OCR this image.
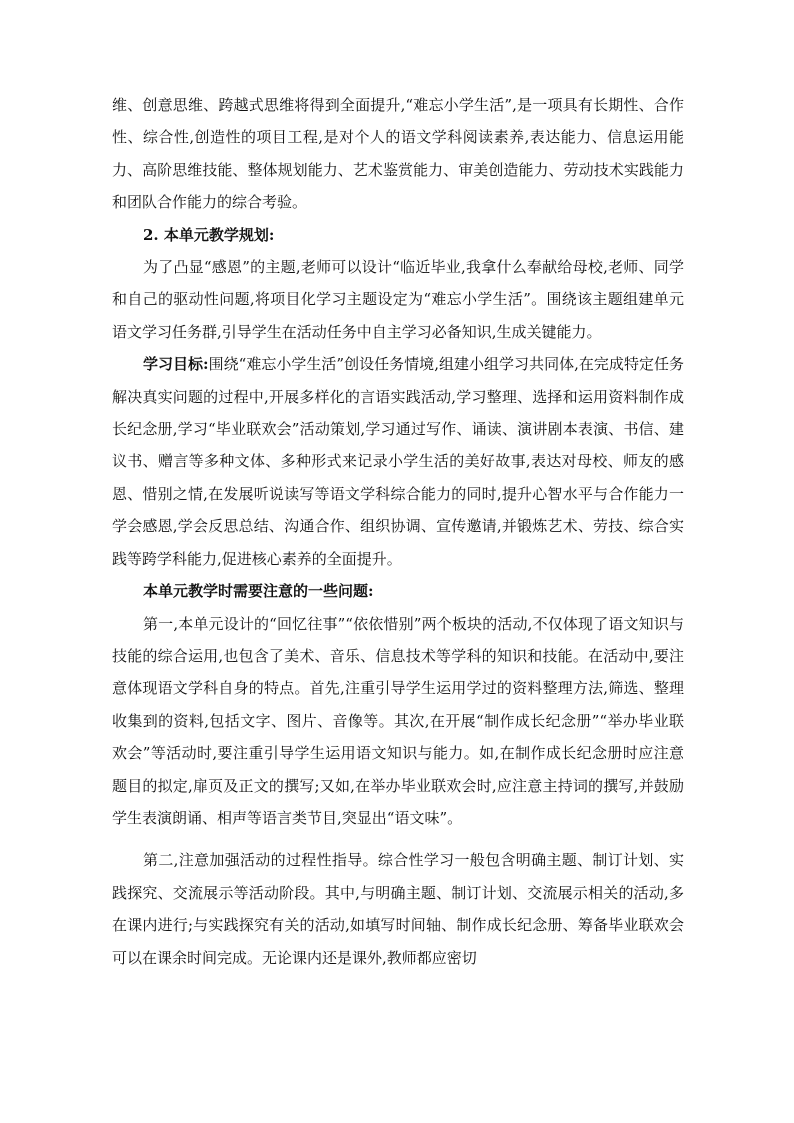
维、创意思维、跨越式思维将得到全面提升,“难忘小学生活”,是一项具有长期性、合作性、综合性,创造性的项目工程,是对个人的语文学科阅读素养,表达能力、信息运用能力、高阶思维技能、整体规划能力、艺术鉴赏能力、审美创造能力、劳动技术实践能力和团队合作能力的综合考验。

2. 本单元教学规划:

为了凸显“感恩”的主题,老师可以设计“临近毕业,我拿什么奉献给母校,老师、同学和自己的驱动性问题,将项目化学习主题设定为“难忘小学生活”。围绕该主题组建单元语文学习任务群,引导学生在活动任务中自主学习必备知识,生成关键能力。

学习目标:围绕“难忘小学生活”创设任务情境,组建小组学习共同体,在完成特定任务解决真实问题的过程中,开展多样化的言语实践活动,学习整理、选择和运用资料制作成长纪念册,学习“毕业联欢会”活动策划,学习通过写作、诵读、演讲剧本表演、书信、建议书、赠言等多种文体、多种形式来记录小学生活的美好故事,表达对母校、师友的感恩、惜别之情,在发展听说读写等语文学科综合能力的同时,提升心智水平与合作能力一学会感恩,学会反思总结、沟通合作、组织协调、宣传邀请,并锻炼艺术、劳技、综合实践等跨学科能力,促进核心素养的全面提升。

本单元教学时需要注意的一些问题:

第一,本单元设计的“回忆往事”“依依惜别”两个板块的活动,不仅体现了语文知识与技能的综合运用,也包含了美术、音乐、信息技术等学科的知识和技能。在活动中,要注意体现语文学科自身的特点。首先,注重引导学生运用学过的资料整理方法,筛选、整理收集到的资料,包括文字、图片、音像等。其次,在开展“制作成长纪念册”“举办毕业联欢会”等活动时,要注重引导学生运用语文知识与能力。如,在制作成长纪念册时应注意题目的拟定,扉页及正文的撰写;又如,在举办毕业联欢会时,应注意主持词的撰写,并鼓励学生表演朗诵、相声等语言类节目,突显出“语文味”。

第二,注意加强活动的过程性指导。综合性学习一般包含明确主题、制订计划、实践探究、交流展示等活动阶段。其中,与明确主题、制订计划、交流展示相关的活动,多在课内进行;与实践探究有关的活动,如填写时间轴、制作成长纪念册、筹备毕业联欢会可以在课余时间完成。无论课内还是课外,教师都应密切
